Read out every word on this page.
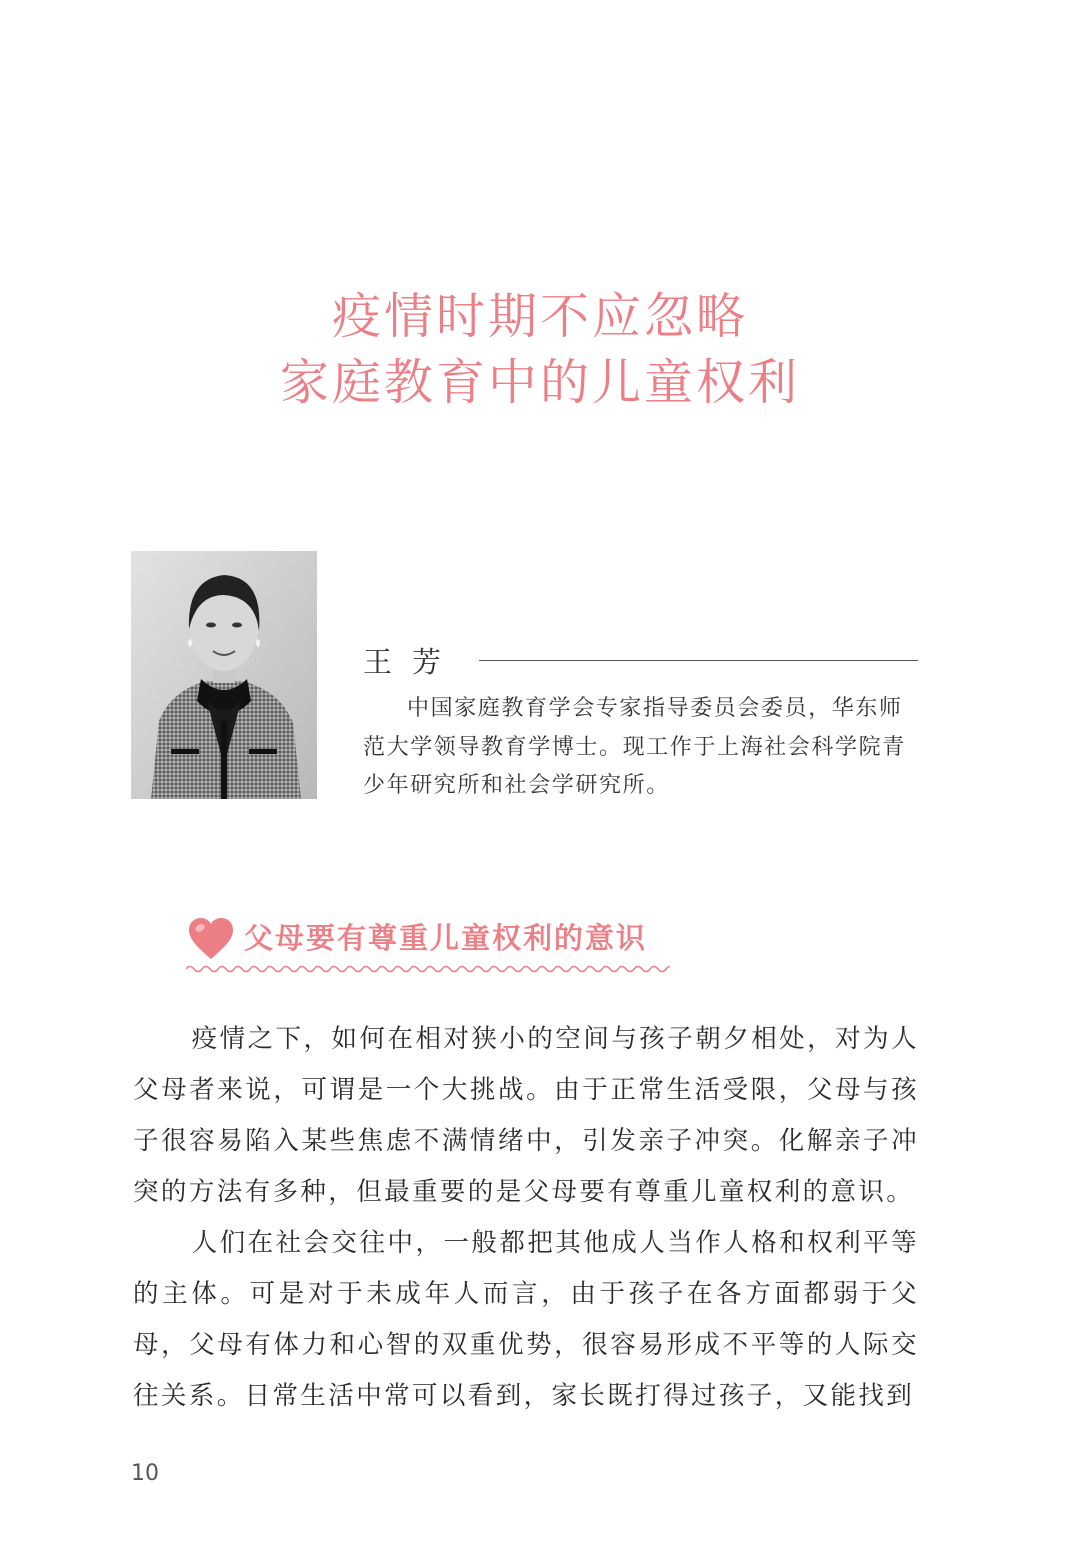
疫情时期不应忽略
家庭教育中的儿童权利
王芳
中国家庭教育学会专家指导委员会委员，华东师范大学领导教育学博士。现工作于上海社会科学院青少年研究所和社会学研究所。
父母要有尊重儿童权利的意识

疫情之下，如何在相对狭小的空间与孩子朝夕相处，对为人父母者来说，可谓是一个大挑战。由于正常生活受限，父母与孩子很容易陷入某些焦虑不满情绪中，引发亲子冲突。化解亲子冲突的方法有多种，但最重要的是父母要有尊重儿童权利的意识。

人们在社会交往中，一般都把其他成人当作人格和权利平等的主体。可是对于未成年人而言，由于孩子在各方面都弱于父母，父母有体力和心智的双重优势，很容易形成不平等的人际交往关系。日常生活中常可以看到，家长既打得过孩子，又能找到

10
